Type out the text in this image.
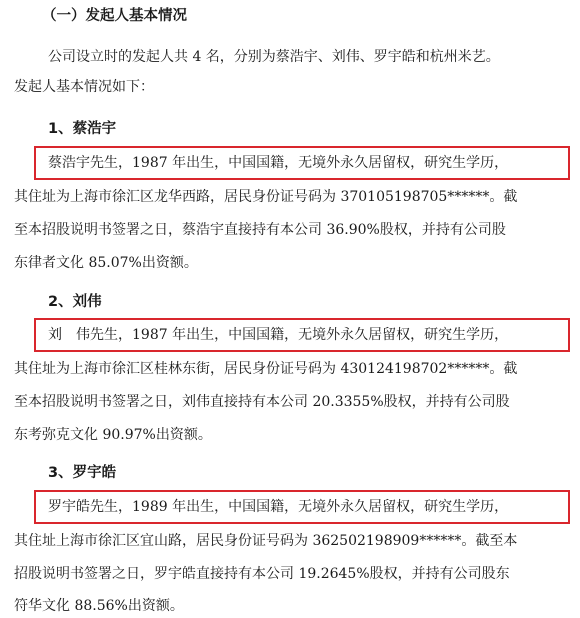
（一）发起人基本情况
公司设立时的发起人共 4 名，分别为蔡浩宇、刘伟、罗宇皓和杭州米艺。
发起人基本情况如下：
1、蔡浩宇
蔡浩宇先生，1987 年出生，中国国籍，无境外永久居留权，研究生学历，
其住址为上海市徐汇区龙华西路，居民身份证号码为 370105198705******。截
至本招股说明书签署之日，蔡浩宇直接持有本公司 36.90%股权，并持有公司股
东律者文化 85.07%出资额。
2、刘伟
刘　伟先生，1987 年出生，中国国籍，无境外永久居留权，研究生学历，
其住址为上海市徐汇区桂林东街，居民身份证号码为 430124198702******。截
至本招股说明书签署之日，刘伟直接持有本公司 20.3355%股权，并持有公司股
东考弥克文化 90.97%出资额。
3、罗宇皓
罗宇皓先生，1989 年出生，中国国籍，无境外永久居留权，研究生学历，
其住址上海市徐汇区宜山路，居民身份证号码为 362502198909******。截至本
招股说明书签署之日，罗宇皓直接持有本公司 19.2645%股权，并持有公司股东
符华文化 88.56%出资额。
